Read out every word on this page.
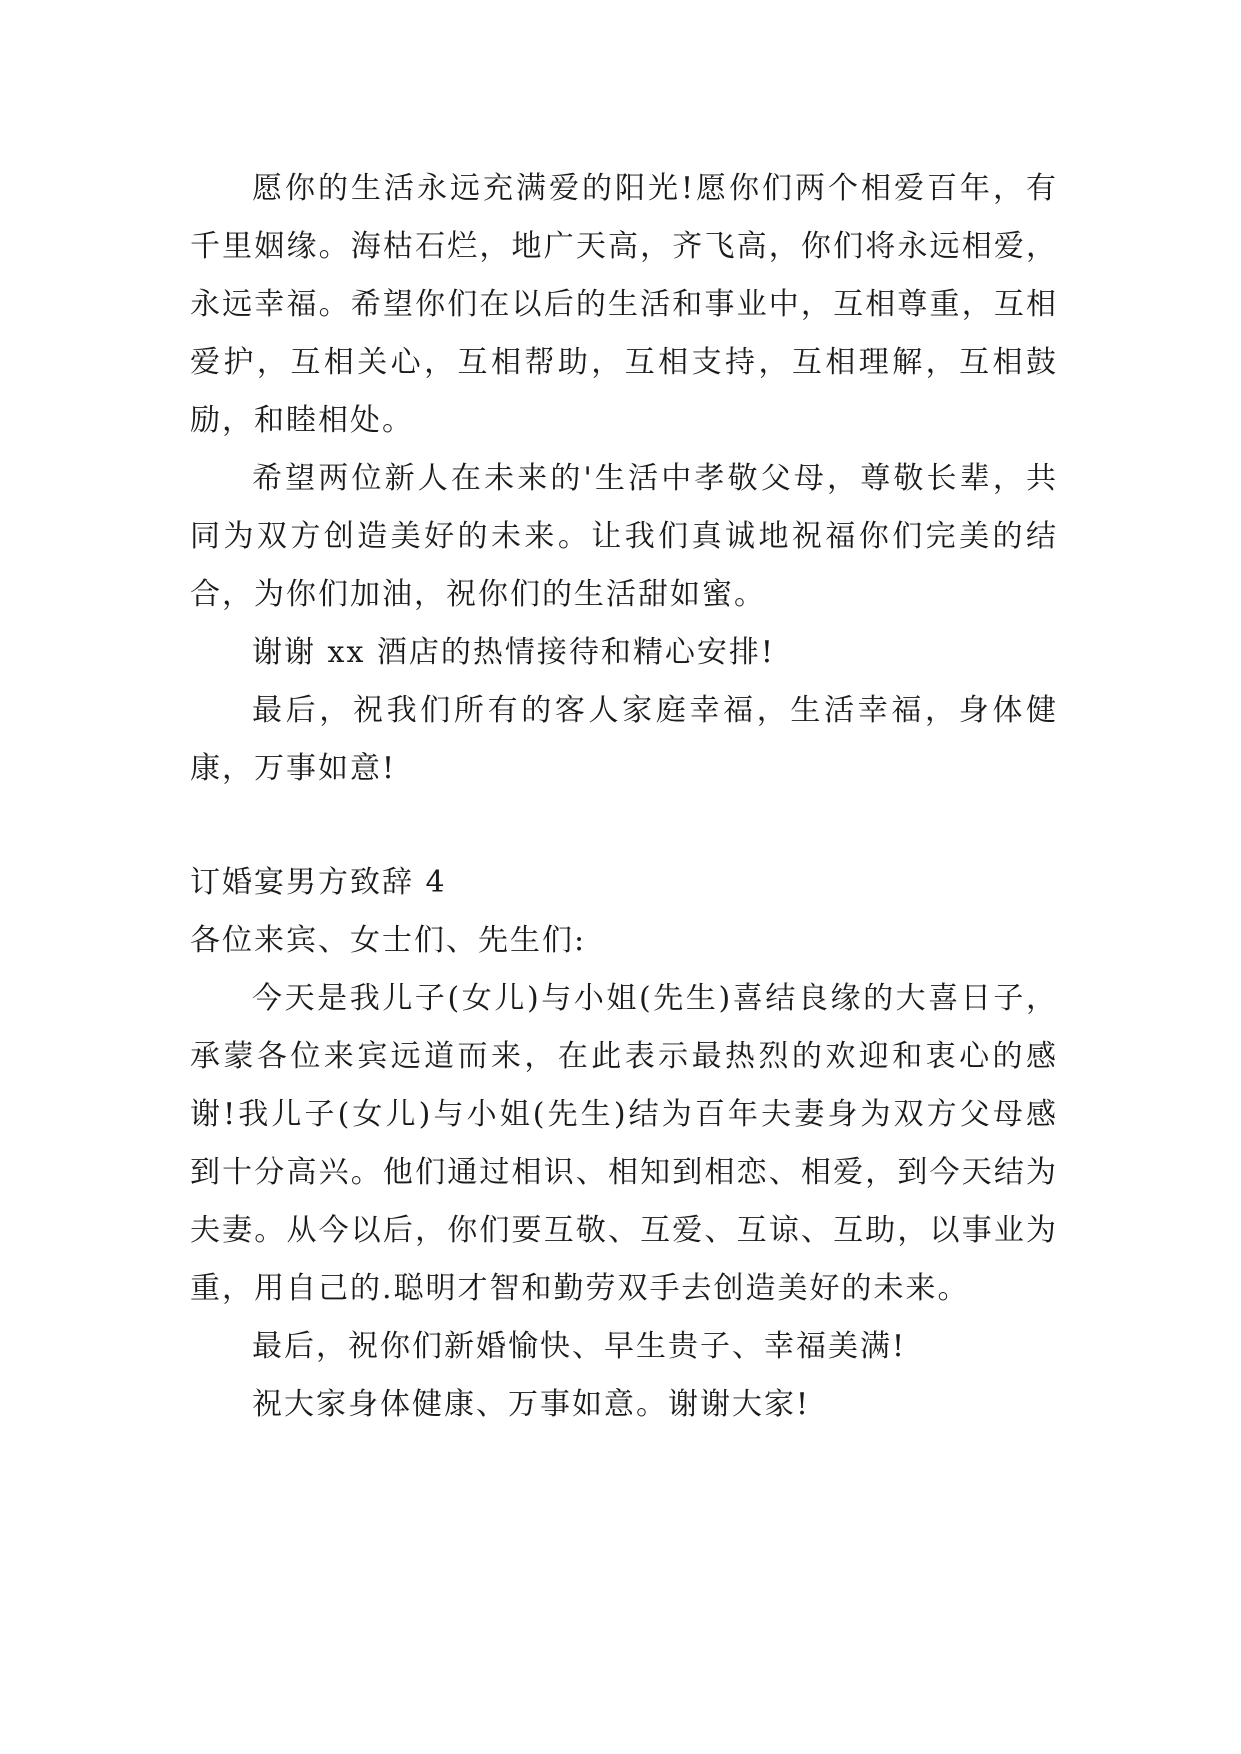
愿你的生活永远充满爱的阳光!愿你们两个相爱百年，有千里姻缘。海枯石烂，地广天高，齐飞高，你们将永远相爱，永远幸福。希望你们在以后的生活和事业中，互相尊重，互相爱护，互相关心，互相帮助，互相支持，互相理解，互相鼓励，和睦相处。

希望两位新人在未来的'生活中孝敬父母，尊敬长辈，共同为双方创造美好的未来。让我们真诚地祝福你们完美的结合，为你们加油，祝你们的生活甜如蜜。

谢谢 xx 酒店的热情接待和精心安排!

最后，祝我们所有的客人家庭幸福，生活幸福，身体健康，万事如意!

订婚宴男方致辞 4

各位来宾、女士们、先生们:

今天是我儿子(女儿)与小姐(先生)喜结良缘的大喜日子，承蒙各位来宾远道而来，在此表示最热烈的欢迎和衷心的感谢!我儿子(女儿)与小姐(先生)结为百年夫妻身为双方父母感到十分高兴。他们通过相识、相知到相恋、相爱，到今天结为夫妻。从今以后，你们要互敬、互爱、互谅、互助，以事业为重，用自己的.聪明才智和勤劳双手去创造美好的未来。

最后，祝你们新婚愉快、早生贵子、幸福美满!

祝大家身体健康、万事如意。谢谢大家!
